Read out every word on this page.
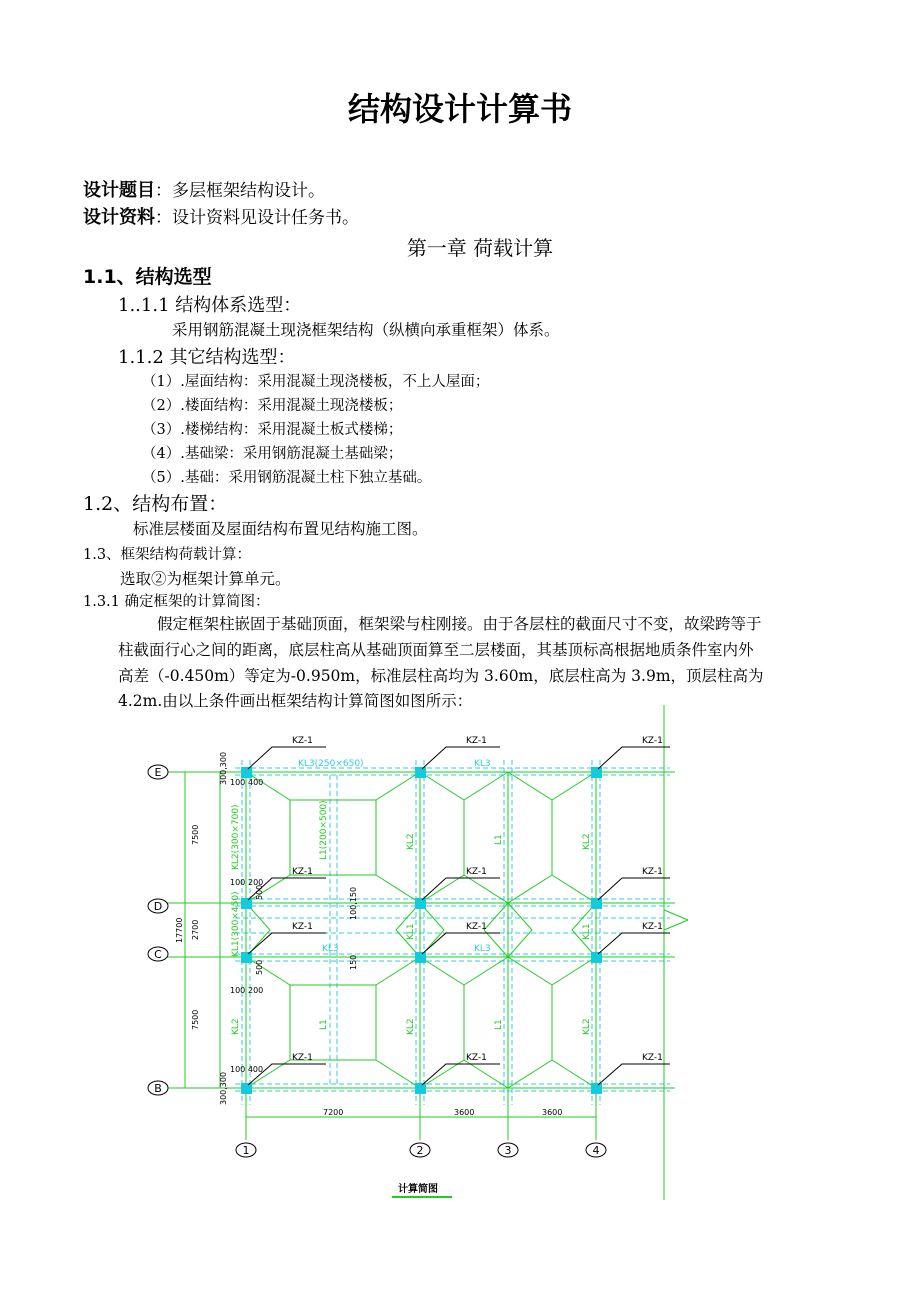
结构设计计算书
设计题目：多层框架结构设计。
设计资料：设计资料见设计任务书。
第一章 荷载计算
1.1、结构选型
1..1.1 结构体系选型：
采用钢筋混凝土现浇框架结构（纵横向承重框架）体系。
1.1.2 其它结构选型：
（1）.屋面结构：采用混凝土现浇楼板，不上人屋面；
（2）.楼面结构：采用混凝土现浇楼板；
（3）.楼梯结构：采用混凝土板式楼梯；
（4）.基础梁：采用钢筋混凝土基础梁；
（5）.基础：采用钢筋混凝土柱下独立基础。
1.2、结构布置：
标准层楼面及屋面结构布置见结构施工图。
1.3、框架结构荷载计算：
选取②为框架计算单元。
1.3.1 确定框架的计算简图：
假定框架柱嵌固于基础顶面，框架梁与柱刚接。由于各层柱的截面尺寸不变，故梁跨等于
柱截面行心之间的距离，底层柱高从基础顶面算至二层楼面，其基顶标高根据地质条件室内外
高差（-0.450m）等定为-0.950m，标准层柱高均为 3.60m，底层柱高为 3.9m，顶层柱高为
4.2m.由以上条件画出框架结构计算简图如图所示：
KZ-1	KZ-1	KZ-1
KZ-1	KZ-1	KZ-1
KZ-1	KZ-1	KZ-1
KZ-1	KZ-1	KZ-1
KL3(250×650)	KL3
KL3	KL3
KL2(300×700)	L1(200×500)	KL2	L1	KL2
KL1(300×450)	KL1	KL1
KL2	L1	KL2	L1	KL2
100 400
100 200
100 200
100 400
300,300
300,300
500
500
100,150
150
7500
2700
7500
17700
7200	3600	3600
E
D
C
B
1	2	3	4
计算简图
